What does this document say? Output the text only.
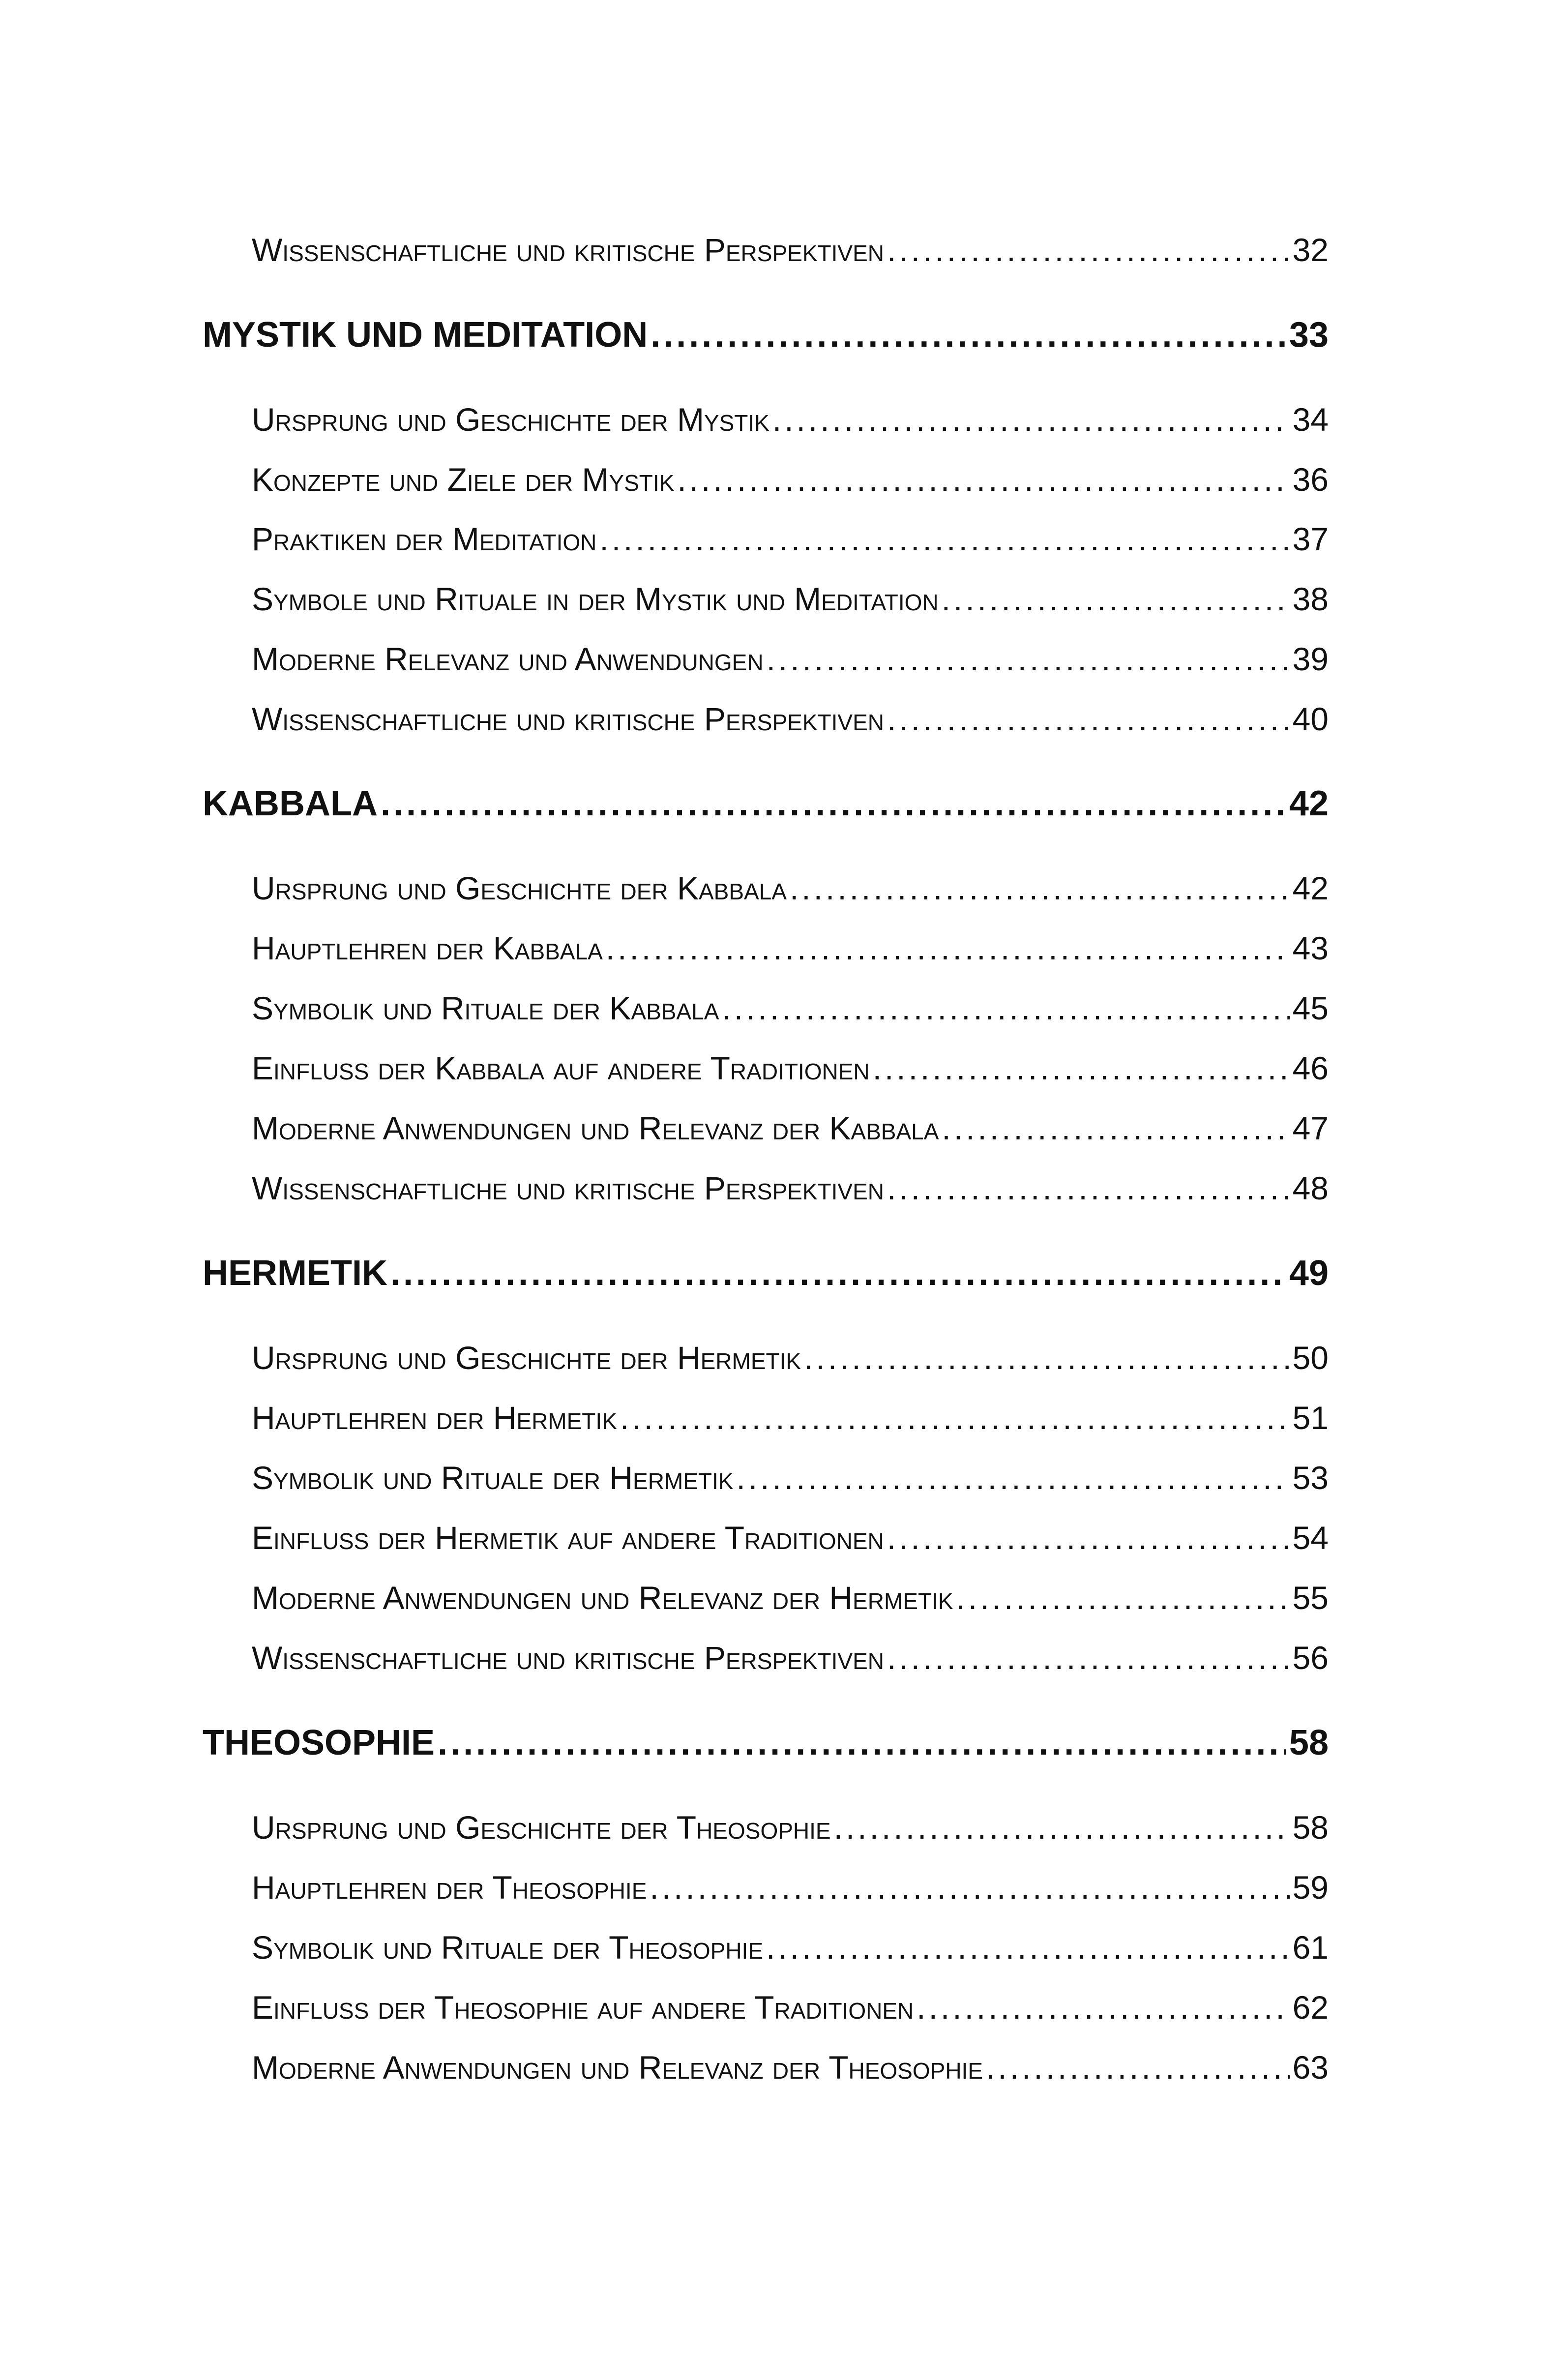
Wissenschaftliche und kritische Perspektiven .....	32
MYSTIK UND MEDITATION .....	33
Ursprung und Geschichte der Mystik .....	34
Konzepte und Ziele der Mystik .....	36
Praktiken der Meditation .....	37
Symbole und Rituale in der Mystik und Meditation .....	38
Moderne Relevanz und Anwendungen .....	39
Wissenschaftliche und kritische Perspektiven .....	40
KABBALA .....	42
Ursprung und Geschichte der Kabbala .....	42
Hauptlehren der Kabbala .....	43
Symbolik und Rituale der Kabbala .....	45
Einfluss der Kabbala auf andere Traditionen .....	46
Moderne Anwendungen und Relevanz der Kabbala .....	47
Wissenschaftliche und kritische Perspektiven .....	48
HERMETIK .....	49
Ursprung und Geschichte der Hermetik .....	50
Hauptlehren der Hermetik .....	51
Symbolik und Rituale der Hermetik .....	53
Einfluss der Hermetik auf andere Traditionen .....	54
Moderne Anwendungen und Relevanz der Hermetik .....	55
Wissenschaftliche und kritische Perspektiven .....	56
THEOSOPHIE .....	58
Ursprung und Geschichte der Theosophie .....	58
Hauptlehren der Theosophie .....	59
Symbolik und Rituale der Theosophie .....	61
Einfluss der Theosophie auf andere Traditionen .....	62
Moderne Anwendungen und Relevanz der Theosophie .....	63
